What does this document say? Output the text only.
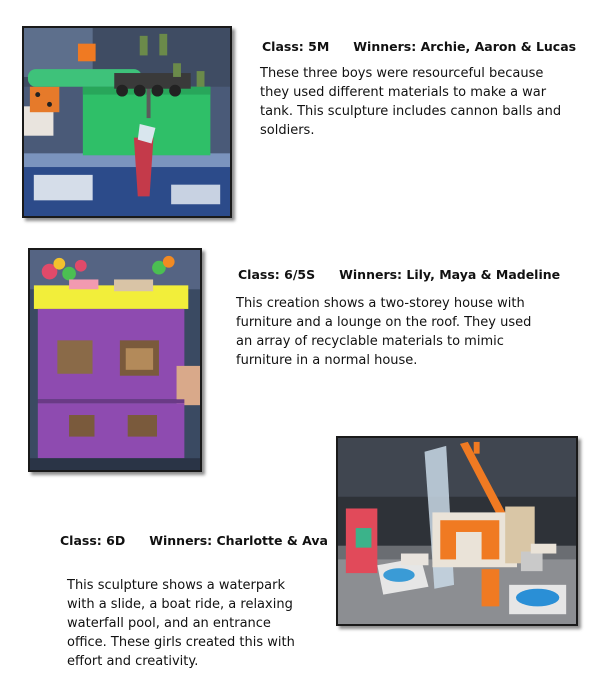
Class: 5M Winners: Archie, Aaron & Lucas
These three boys were resourceful because they used different materials to make a war tank. This sculpture includes cannon balls and soldiers.
Class: 6/5S Winners: Lily, Maya & Madeline
This creation shows a two-storey house with furniture and a lounge on the roof. They used an array of recyclable materials to mimic furniture in a normal house.
Class: 6D Winners: Charlotte & Ava
This sculpture shows a waterpark with a slide, a boat ride, a relaxing waterfall pool, and an entrance office. These girls created this with effort and creativity.
